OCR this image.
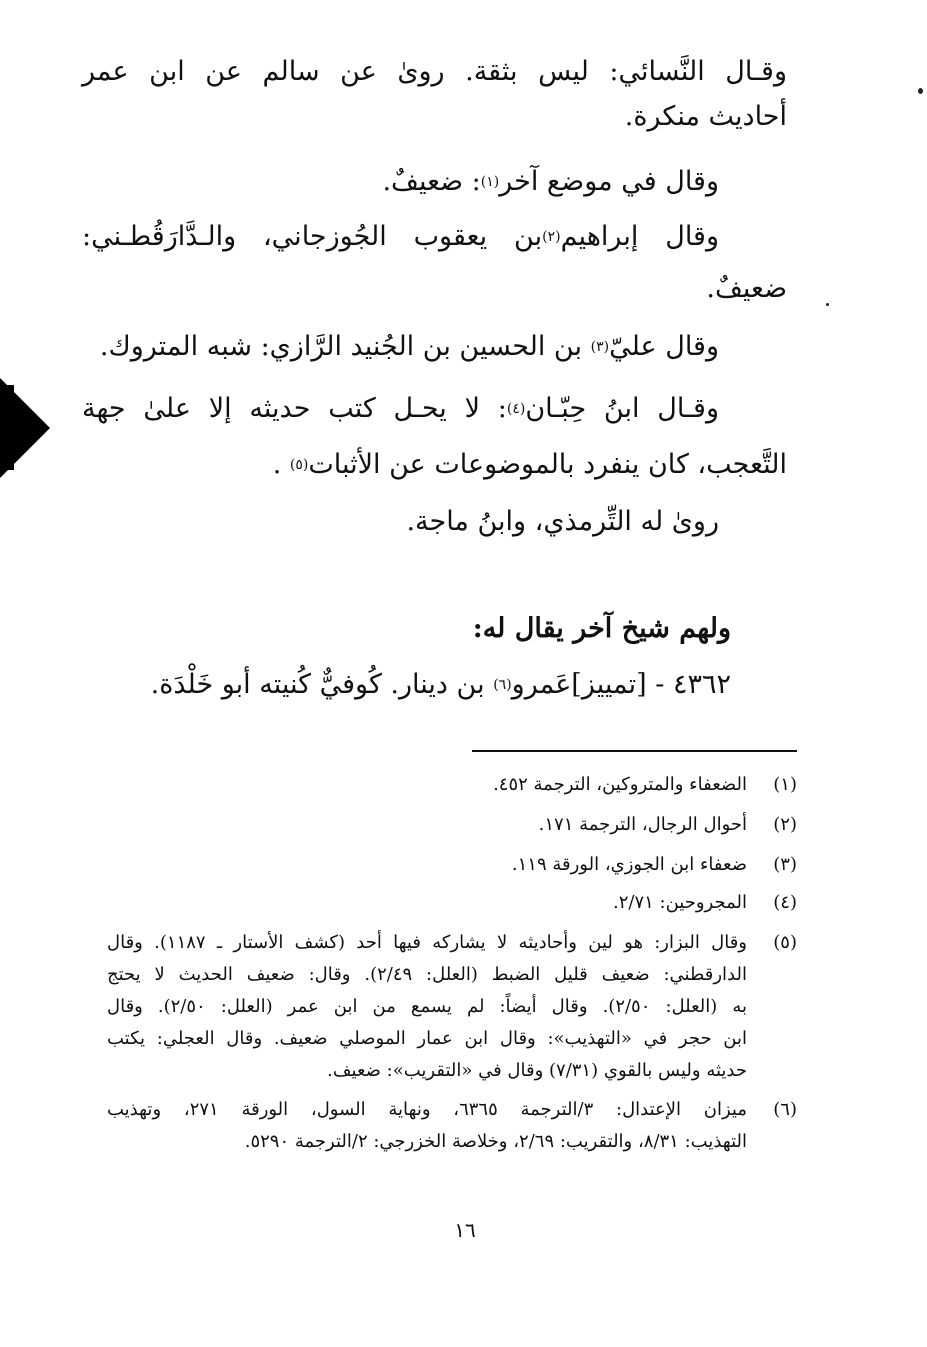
وقـال النَّسائي: ليس بثقة. روىٰ عن سالم عن ابن عمر
أحاديث منكرة.
وقال في موضع آخر$^{(١)}$: ضعيفٌ.
وقال إبراهيم$^{(٢)}$بن يعقوب الجُوزجاني، والـدَّارَقُطـني:
ضعيفٌ.
وقال عليّ$^{(٣)}$ بن الحسين بن الجُنيد الرَّازي: شبه المتروك.
وقـال ابنُ حِبّـان$^{(٤)}$: لا يحـل كتب حديثه إلا علىٰ جهة
التَّعجب، كان ينفرد بالموضوعات عن الأثبات$^{(٥)}$ .
روىٰ له التِّرمذي، وابنُ ماجة.
ولهم شيخ آخر يقال له:
٤٣٦٢ - [تمييز]عَمرو$^{(٦)}$ بن دينار. كُوفيٌّ كُنيته أبو خَلْدَة.
(١)
الضعفاء والمتروكين، الترجمة ٤٥٢.
(٢)
أحوال الرجال، الترجمة ١٧١.
(٣)
ضعفاء ابن الجوزي، الورقة ١١٩.
(٤)
المجروحين: ٢/٧١.
(٥)
وقال البزار: هو لين وأحاديثه لا يشاركه فيها أحد (كشف الأستار ـ ١١٨٧). وقال
الدارقطني: ضعيف قليل الضبط (العلل: ٢/٤٩). وقال: ضعيف الحديث لا يحتج
به (العلل: ٢/٥٠). وقال أيضاً: لم يسمع من ابن عمر (العلل: ٢/٥٠). وقال
ابن حجر في «التهذيب»: وقال ابن عمار الموصلي ضعيف. وقال العجلي: يكتب
حديثه وليس بالقوي (٧/٣١) وقال في «التقريب»: ضعيف.
(٦)
ميزان الإعتدال: ٣/الترجمة ٦٣٦٥، ونهاية السول، الورقة ٢٧١، وتهذيب
التهذيب: ٨/٣١، والتقريب: ٢/٦٩، وخلاصة الخزرجي: ٢/الترجمة ٥٢٩٠.
١٦
